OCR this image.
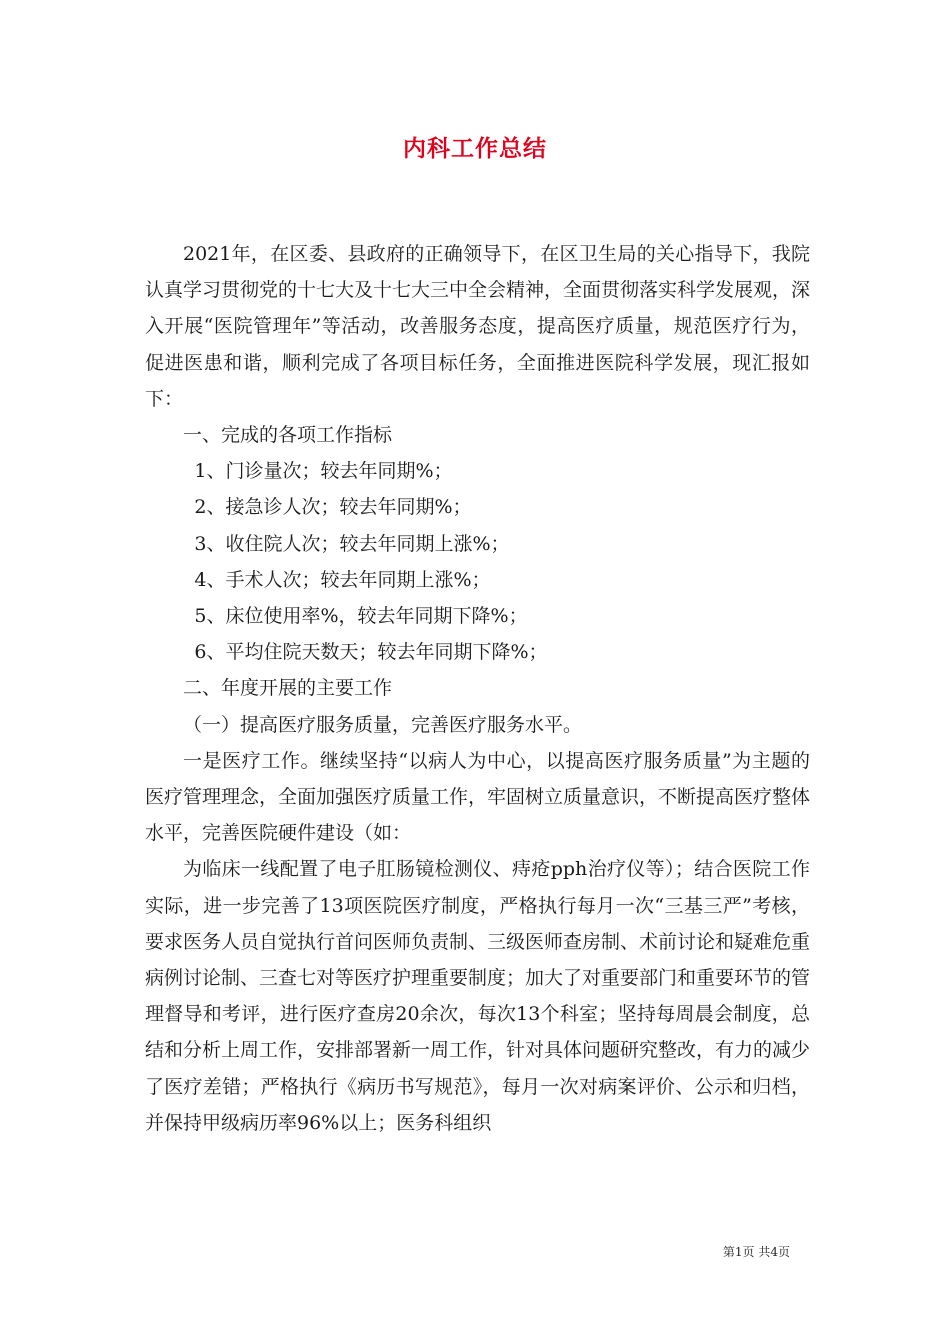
内科工作总结

2021年，在区委、县政府的正确领导下，在区卫生局的关心指导下，我院认真学习贯彻党的十七大及十七大三中全会精神，全面贯彻落实科学发展观，深入开展“医院管理年”等活动，改善服务态度，提高医疗质量，规范医疗行为，促进医患和谐，顺利完成了各项目标任务，全面推进医院科学发展，现汇报如下：

一、完成的各项工作指标

1、门诊量次；较去年同期%；

2、接急诊人次；较去年同期%；

3、收住院人次；较去年同期上涨%；

4、手术人次；较去年同期上涨%；

5、床位使用率%，较去年同期下降%；

6、平均住院天数天；较去年同期下降%；

二、年度开展的主要工作

（一）提高医疗服务质量，完善医疗服务水平。

一是医疗工作。继续坚持“以病人为中心，以提高医疗服务质量”为主题的医疗管理理念，全面加强医疗质量工作，牢固树立质量意识，不断提高医疗整体水平，完善医院硬件建设（如：

为临床一线配置了电子肛肠镜检测仪、痔疮pph治疗仪等）；结合医院工作实际，进一步完善了13项医院医疗制度，严格执行每月一次“三基三严”考核，要求医务人员自觉执行首问医师负责制、三级医师查房制、术前讨论和疑难危重病例讨论制、三查七对等医疗护理重要制度；加大了对重要部门和重要环节的管理督导和考评，进行医疗查房20余次，每次13个科室；坚持每周晨会制度，总结和分析上周工作，安排部署新一周工作，针对具体问题研究整改，有力的减少了医疗差错；严格执行《病历书写规范》，每月一次对病案评价、公示和归档，并保持甲级病历率96%以上；医务科组织

第1页 共4页
